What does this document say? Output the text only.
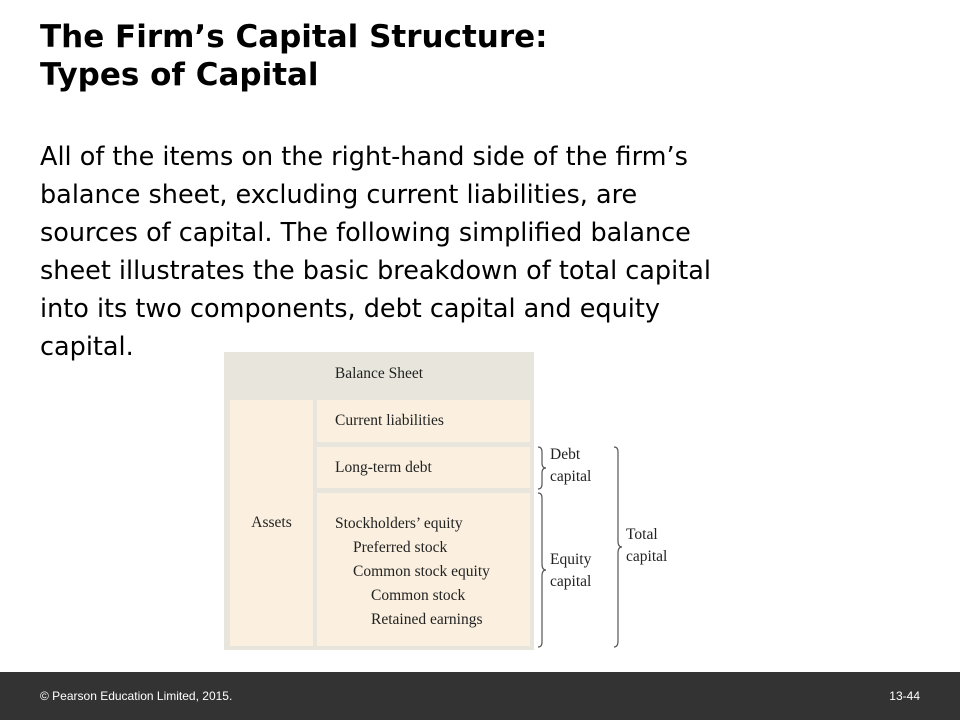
The Firm’s Capital Structure:
Types of Capital
All of the items on the right-hand side of the firm’s
balance sheet, excluding current liabilities, are
sources of capital. The following simplified balance
sheet illustrates the basic breakdown of total capital
into its two components, debt capital and equity
capital.
Balance Sheet
Assets
Current liabilities
Long-term debt
Stockholders’ equity
Preferred stock
Common stock equity
Common stock
Retained earnings
Debt
capital
Equity
capital
Total
capital
© Pearson Education Limited, 2015.	13-44
